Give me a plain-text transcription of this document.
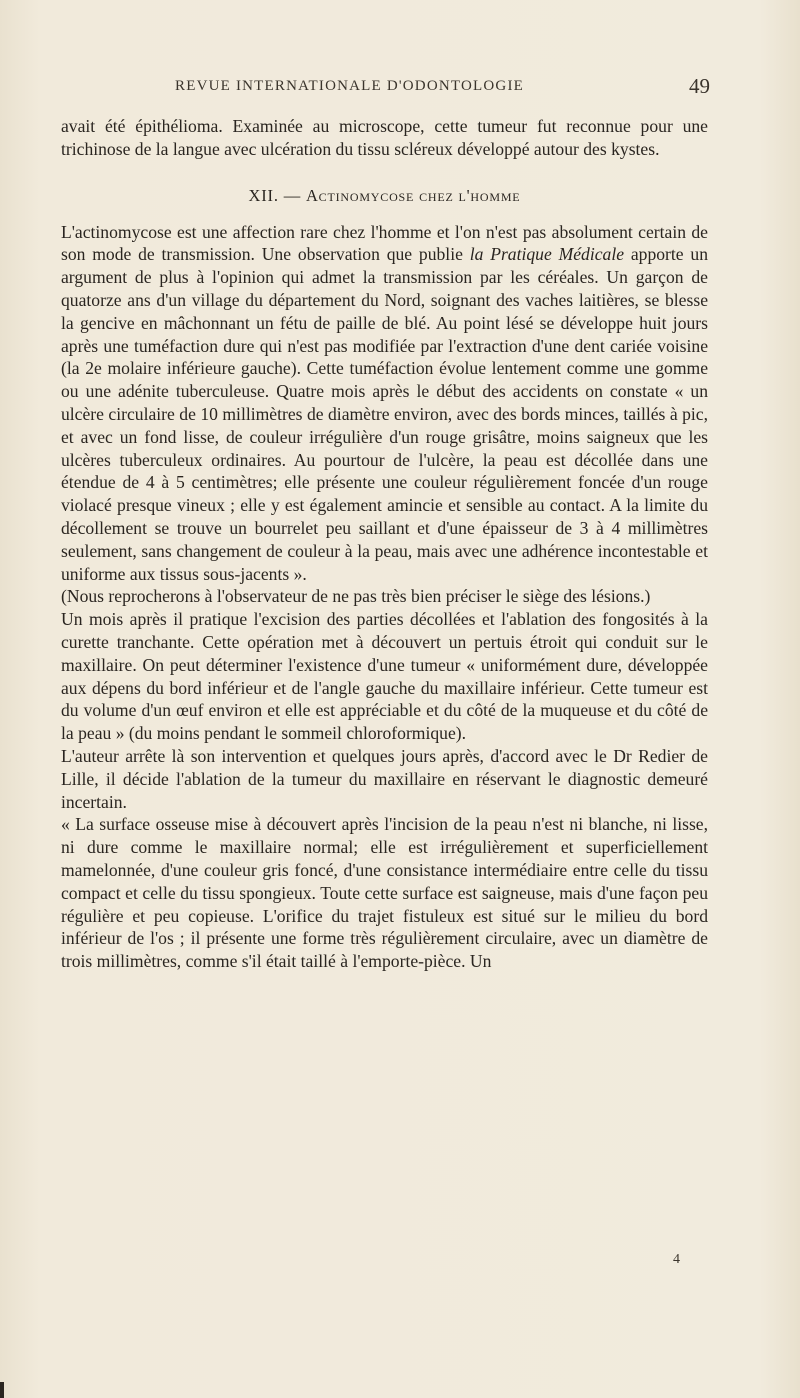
REVUE INTERNATIONALE D'ODONTOLOGIE	49

avait été épithélioma. Examinée au microscope, cette tumeur fut reconnue pour une trichinose de la langue avec ulcération du tissu scléreux développé autour des kystes.

XII. — Actinomycose chez l'homme

L'actinomycose est une affection rare chez l'homme et l'on n'est pas absolument certain de son mode de transmission. Une observation que publie la Pratique Médicale apporte un argument de plus à l'opinion qui admet la transmission par les céréales. Un garçon de quatorze ans d'un village du département du Nord, soignant des vaches laitières, se blesse la gencive en mâchonnant un fétu de paille de blé. Au point lésé se développe huit jours après une tuméfaction dure qui n'est pas modifiée par l'extraction d'une dent cariée voisine (la 2e molaire inférieure gauche). Cette tuméfaction évolue lentement comme une gomme ou une adénite tuberculeuse. Quatre mois après le début des accidents on constate « un ulcère circulaire de 10 millimètres de diamètre environ, avec des bords minces, taillés à pic, et avec un fond lisse, de couleur irrégulière d'un rouge grisâtre, moins saigneux que les ulcères tuberculeux ordinaires. Au pourtour de l'ulcère, la peau est décollée dans une étendue de 4 à 5 centimètres; elle présente une couleur régulièrement foncée d'un rouge violacé presque vineux ; elle y est également amincie et sensible au contact. A la limite du décollement se trouve un bourrelet peu saillant et d'une épaisseur de 3 à 4 millimètres seulement, sans changement de couleur à la peau, mais avec une adhérence incontestable et uniforme aux tissus sous-jacents ».

(Nous reprocherons à l'observateur de ne pas très bien préciser le siège des lésions.)

Un mois après il pratique l'excision des parties décollées et l'ablation des fongosités à la curette tranchante. Cette opération met à découvert un pertuis étroit qui conduit sur le maxillaire. On peut déterminer l'existence d'une tumeur « uniformément dure, développée aux dépens du bord inférieur et de l'angle gauche du maxillaire inférieur. Cette tumeur est du volume d'un œuf environ et elle est appréciable et du côté de la muqueuse et du côté de la peau » (du moins pendant le sommeil chloroformique).

L'auteur arrête là son intervention et quelques jours après, d'accord avec le Dr Redier de Lille, il décide l'ablation de la tumeur du maxillaire en réservant le diagnostic demeuré incertain.

« La surface osseuse mise à découvert après l'incision de la peau n'est ni blanche, ni lisse, ni dure comme le maxillaire normal; elle est irrégulièrement et superficiellement mamelonnée, d'une couleur gris foncé, d'une consistance intermédiaire entre celle du tissu compact et celle du tissu spongieux. Toute cette surface est saigneuse, mais d'une façon peu régulière et peu copieuse. L'orifice du trajet fistuleux est situé sur le milieu du bord inférieur de l'os ; il présente une forme très régulièrement circulaire, avec un diamètre de trois millimètres, comme s'il était taillé à l'emporte-pièce. Un

4
